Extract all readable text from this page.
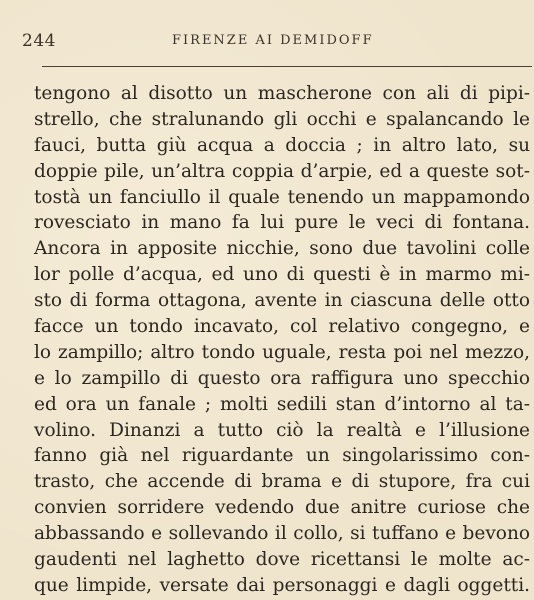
244	FIRENZE AI DEMIDOFF
tengono al disotto un mascherone con ali di pipi-
strello, che stralunando gli occhi e spalancando le
fauci, butta giù acqua a doccia ; in altro lato, su
doppie pile, un’altra coppia d’arpie, ed a queste sot-
tostà un fanciullo il quale tenendo un mappamondo
rovesciato in mano fa lui pure le veci di fontana.
Ancora in apposite nicchie, sono due tavolini colle
lor polle d’acqua, ed uno di questi è in marmo mi-
sto di forma ottagona, avente in ciascuna delle otto
facce un tondo incavato, col relativo congegno, e
lo zampillo; altro tondo uguale, resta poi nel mezzo,
e lo zampillo di questo ora raffigura uno specchio
ed ora un fanale ; molti sedili stan d’intorno al ta-
volino. Dinanzi a tutto ciò la realtà e l’illusione
fanno già nel riguardante un singolarissimo con-
trasto, che accende di brama e di stupore, fra cui
convien sorridere vedendo due anitre curiose che
abbassando e sollevando il collo, si tuffano e bevono
gaudenti nel laghetto dove ricettansi le molte ac-
que limpide, versate dai personaggi e dagli oggetti.
